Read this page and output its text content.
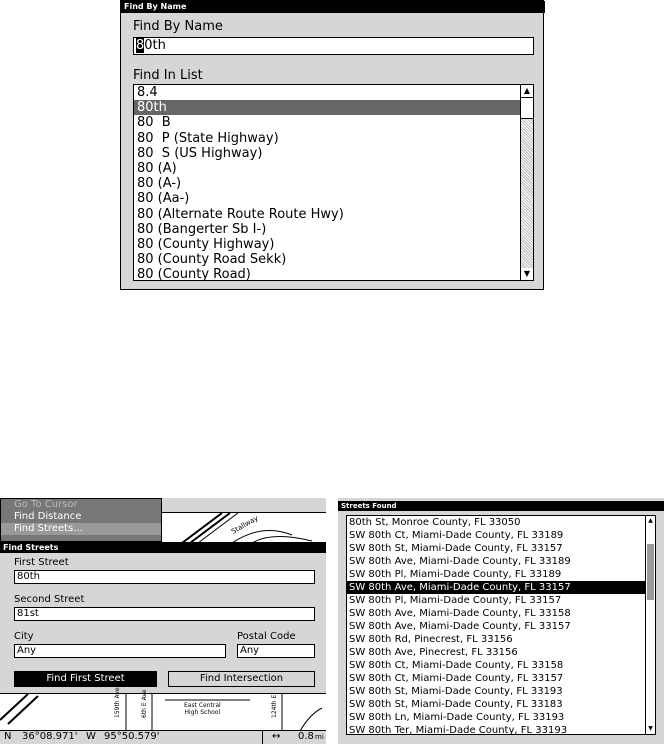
Find By Name
Find By Name
80th
Find In List
8.4
80th
80  B
80  P (State Highway)
80  S (US Highway)
80 (A)
80 (A-)
80 (Aa-)
80 (Alternate Route Route Hwy)
80 (Bangerter Sb I-)
80 (County Highway)
80 (County Road Sekk)
80 (County Road)
▲
▼
Stallway
Go To Cursor
Find Distance
Find Streets...
Find Streets
First Street
80th
Second Street
81st
City
Any
Postal Code
Any
Find First Street	Find Intersection
159th Ave	6th E Ave	East Central
High School	124th E
N 36°08.971' W 95°50.579'	↔ 0.8 mi
Streets Found
80th St, Monroe County, FL 33050
SW 80th Ct, Miami-Dade County, FL 33189
SW 80th St, Miami-Dade County, FL 33157
SW 80th Ave, Miami-Dade County, FL 33189
SW 80th Pl, Miami-Dade County, FL 33189
SW 80th Ave, Miami-Dade County, FL 33157
SW 80th Pl, Miami-Dade County, FL 33157
SW 80th Ave, Miami-Dade County, FL 33158
SW 80th Ave, Miami-Dade County, FL 33157
SW 80th Rd, Pinecrest, FL 33156
SW 80th Ave, Pinecrest, FL 33156
SW 80th Ct, Miami-Dade County, FL 33158
SW 80th Ct, Miami-Dade County, FL 33157
SW 80th St, Miami-Dade County, FL 33193
SW 80th St, Miami-Dade County, FL 33183
SW 80th Ln, Miami-Dade County, FL 33193
SW 80th Ter, Miami-Dade County, FL 33193
▲
▼
